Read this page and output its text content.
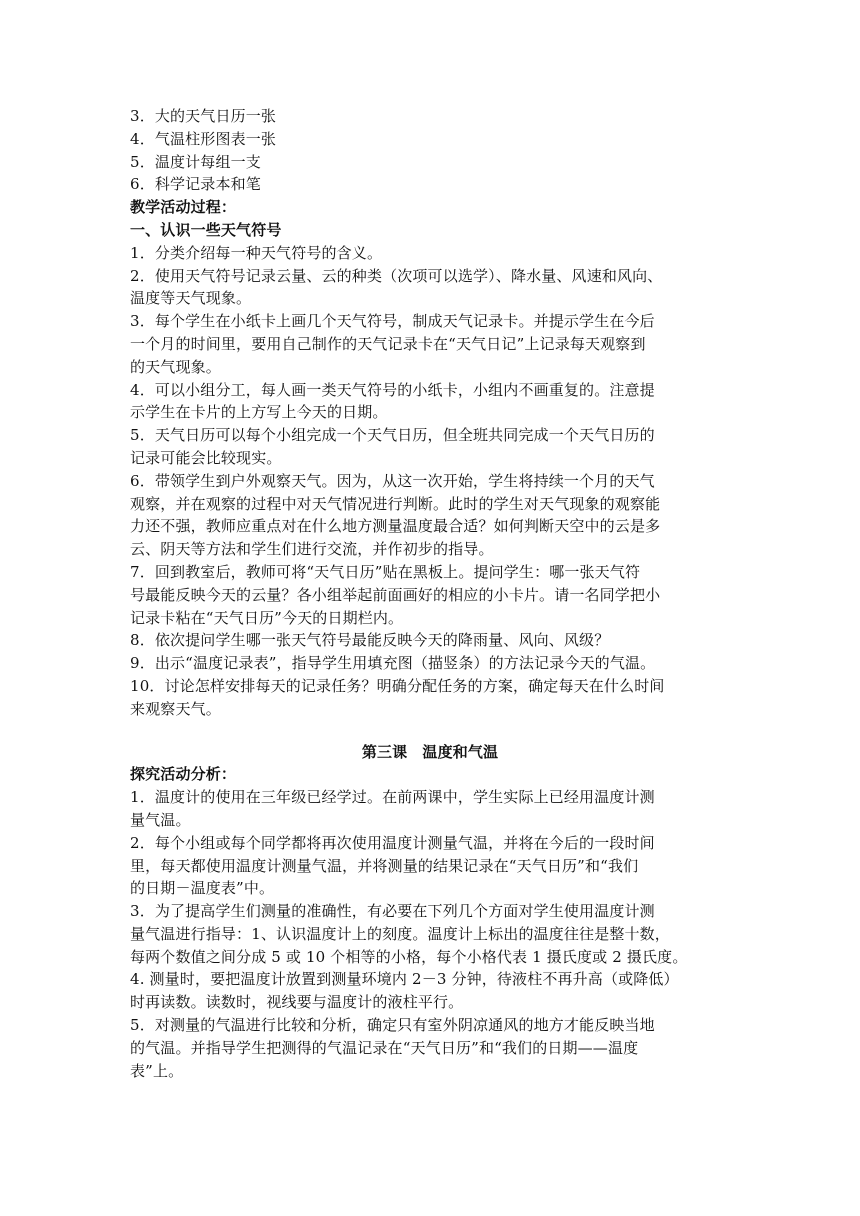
3．大的天气日历一张
4．气温柱形图表一张
5．温度计每组一支
6．科学记录本和笔
教学活动过程：
一、认识一些天气符号
1．分类介绍每一种天气符号的含义。
2．使用天气符号记录云量、云的种类（次项可以选学）、降水量、风速和风向、
温度等天气现象。
3．每个学生在小纸卡上画几个天气符号，制成天气记录卡。并提示学生在今后
一个月的时间里，要用自己制作的天气记录卡在“天气日记”上记录每天观察到
的天气现象。
4．可以小组分工，每人画一类天气符号的小纸卡，小组内不画重复的。注意提
示学生在卡片的上方写上今天的日期。
5．天气日历可以每个小组完成一个天气日历，但全班共同完成一个天气日历的
记录可能会比较现实。
6．带领学生到户外观察天气。因为，从这一次开始，学生将持续一个月的天气
观察，并在观察的过程中对天气情况进行判断。此时的学生对天气现象的观察能
力还不强，教师应重点对在什么地方测量温度最合适？如何判断天空中的云是多
云、阴天等方法和学生们进行交流，并作初步的指导。
7．回到教室后，教师可将“天气日历”贴在黑板上。提问学生：哪一张天气符
号最能反映今天的云量？各小组举起前面画好的相应的小卡片。请一名同学把小
记录卡粘在“天气日历”今天的日期栏内。
8．依次提问学生哪一张天气符号最能反映今天的降雨量、风向、风级？
9．出示“温度记录表”，指导学生用填充图（描竖条）的方法记录今天的气温。
10．讨论怎样安排每天的记录任务？明确分配任务的方案，确定每天在什么时间
来观察天气。
第三课　温度和气温
探究活动分析：
1．温度计的使用在三年级已经学过。在前两课中，学生实际上已经用温度计测
量气温。
2．每个小组或每个同学都将再次使用温度计测量气温，并将在今后的一段时间
里，每天都使用温度计测量气温，并将测量的结果记录在“天气日历”和“我们
的日期－温度表”中。
3．为了提高学生们测量的准确性，有必要在下列几个方面对学生使用温度计测
量气温进行指导：1、认识温度计上的刻度。温度计上标出的温度往往是整十数，
每两个数值之间分成 5 或 10 个相等的小格，每个小格代表 1 摄氏度或 2 摄氏度。
4. 测量时，要把温度计放置到测量环境内 2－3 分钟，待液柱不再升高（或降低）
时再读数。读数时，视线要与温度计的液柱平行。
5．对测量的气温进行比较和分析，确定只有室外阴凉通风的地方才能反映当地
的气温。并指导学生把测得的气温记录在“天气日历”和“我们的日期——温度
表”上。
